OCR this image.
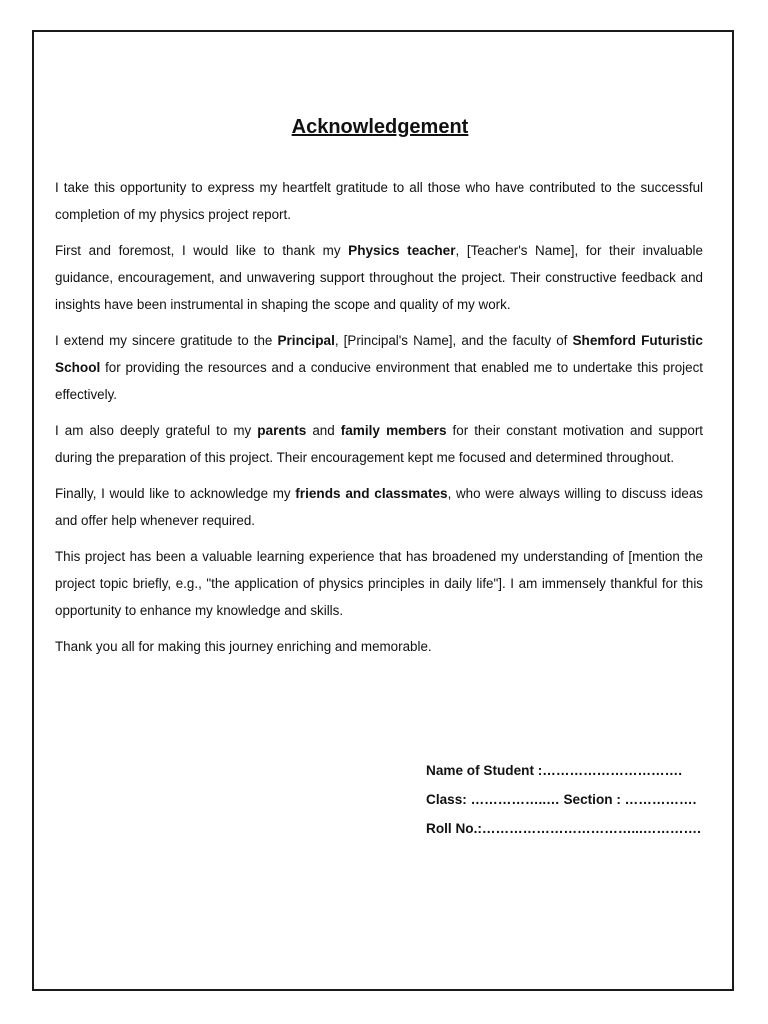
Acknowledgement

I take this opportunity to express my heartfelt gratitude to all those who have contributed to the successful completion of my physics project report.

First and foremost, I would like to thank my Physics teacher, [Teacher's Name], for their invaluable guidance, encouragement, and unwavering support throughout the project. Their constructive feedback and insights have been instrumental in shaping the scope and quality of my work.

I extend my sincere gratitude to the Principal, [Principal's Name], and the faculty of Shemford Futuristic School for providing the resources and a conducive environment that enabled me to undertake this project effectively.

I am also deeply grateful to my parents and family members for their constant motivation and support during the preparation of this project. Their encouragement kept me focused and determined throughout.

Finally, I would like to acknowledge my friends and classmates, who were always willing to discuss ideas and offer help whenever required.

This project has been a valuable learning experience that has broadened my understanding of [mention the project topic briefly, e.g., "the application of physics principles in daily life"]. I am immensely thankful for this opportunity to enhance my knowledge and skills.

Thank you all for making this journey enriching and memorable.

Name of Student :………………………….
Class: ……………..… Section : …………….
Roll No.:……………………………...………….
